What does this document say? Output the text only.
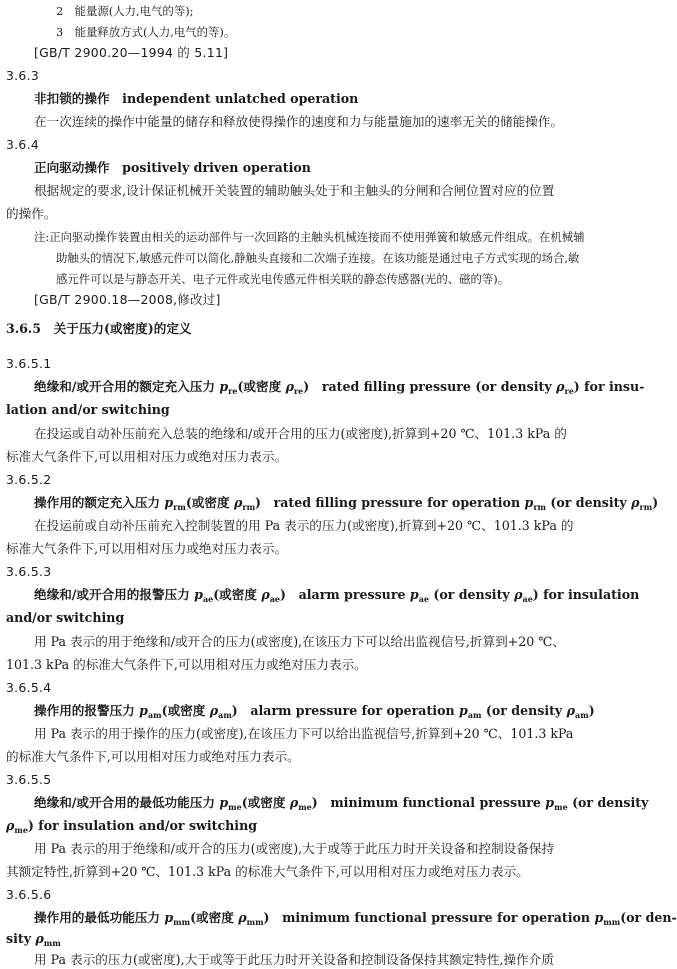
2　能量源(人力,电气的等);
3　能量释放方式(人力,电气的等)。
[GB/T 2900.20—1994 的 5.11]
3.6.3
非扣锁的操作　independent unlatched operation
在一次连续的操作中能量的储存和释放使得操作的速度和力与能量施加的速率无关的储能操作。
3.6.4
正向驱动操作　positively driven operation
根据规定的要求,设计保证机械开关装置的辅助触头处于和主触头的分闸和合闸位置对应的位置
的操作。
注:正向驱动操作装置由相关的运动部件与一次回路的主触头机械连接而不使用弹簧和敏感元件组成。在机械辅
助触头的情况下,敏感元件可以简化,静触头直接和二次端子连接。在该功能是通过电子方式实现的场合,敏
感元件可以是与静态开关、电子元件或光电传感元件相关联的静态传感器(光的、磁的等)。
[GB/T 2900.18—2008,修改过]
3.6.5　关于压力(或密度)的定义
3.6.5.1
绝缘和/或开合用的额定充入压力 $p_{re}$(或密度 $\rho_{re}$)　rated filling pressure (or density $\rho_{re}$) for insu-
lation and/or switching
在投运或自动补压前充入总装的绝缘和/或开合用的压力(或密度),折算到+20 ℃、101.3 kPa 的
标准大气条件下,可以用相对压力或绝对压力表示。
3.6.5.2
操作用的额定充入压力 $p_{rm}$(或密度 $\rho_{rm}$)　rated filling pressure for operation $p_{rm}$ (or density $\rho_{rm}$)
在投运前或自动补压前充入控制装置的用 Pa 表示的压力(或密度),折算到+20 ℃、101.3 kPa 的
标准大气条件下,可以用相对压力或绝对压力表示。
3.6.5.3
绝缘和/或开合用的报警压力 $p_{ae}$(或密度 $\rho_{ae}$)　alarm pressure $p_{ae}$ (or density $\rho_{ae}$) for insulation
and/or switching
用 Pa 表示的用于绝缘和/或开合的压力(或密度),在该压力下可以给出监视信号,折算到+20 ℃、
101.3 kPa 的标准大气条件下,可以用相对压力或绝对压力表示。
3.6.5.4
操作用的报警压力 $p_{am}$(或密度 $\rho_{am}$)　alarm pressure for operation $p_{am}$ (or density $\rho_{am}$)
用 Pa 表示的用于操作的压力(或密度),在该压力下可以给出监视信号,折算到+20 ℃、101.3 kPa
的标准大气条件下,可以用相对压力或绝对压力表示。
3.6.5.5
绝缘和/或开合用的最低功能压力 $p_{me}$(或密度 $\rho_{me}$)　minimum functional pressure $p_{me}$ (or density
$\rho_{me}$) for insulation and/or switching
用 Pa 表示的用于绝缘和/或开合的压力(或密度),大于或等于此压力时开关设备和控制设备保持
其额定特性,折算到+20 ℃、101.3 kPa 的标准大气条件下,可以用相对压力或绝对压力表示。
3.6.5.6
操作用的最低功能压力 $p_{mm}$(或密度 $\rho_{mm}$)　minimum functional pressure for operation $p_{mm}(or$ den-
sity $\rho_{mm}$
用 Pa 表示的压力(或密度),大于或等于此压力时开关设备和控制设备保持其额定特性,操作介质
